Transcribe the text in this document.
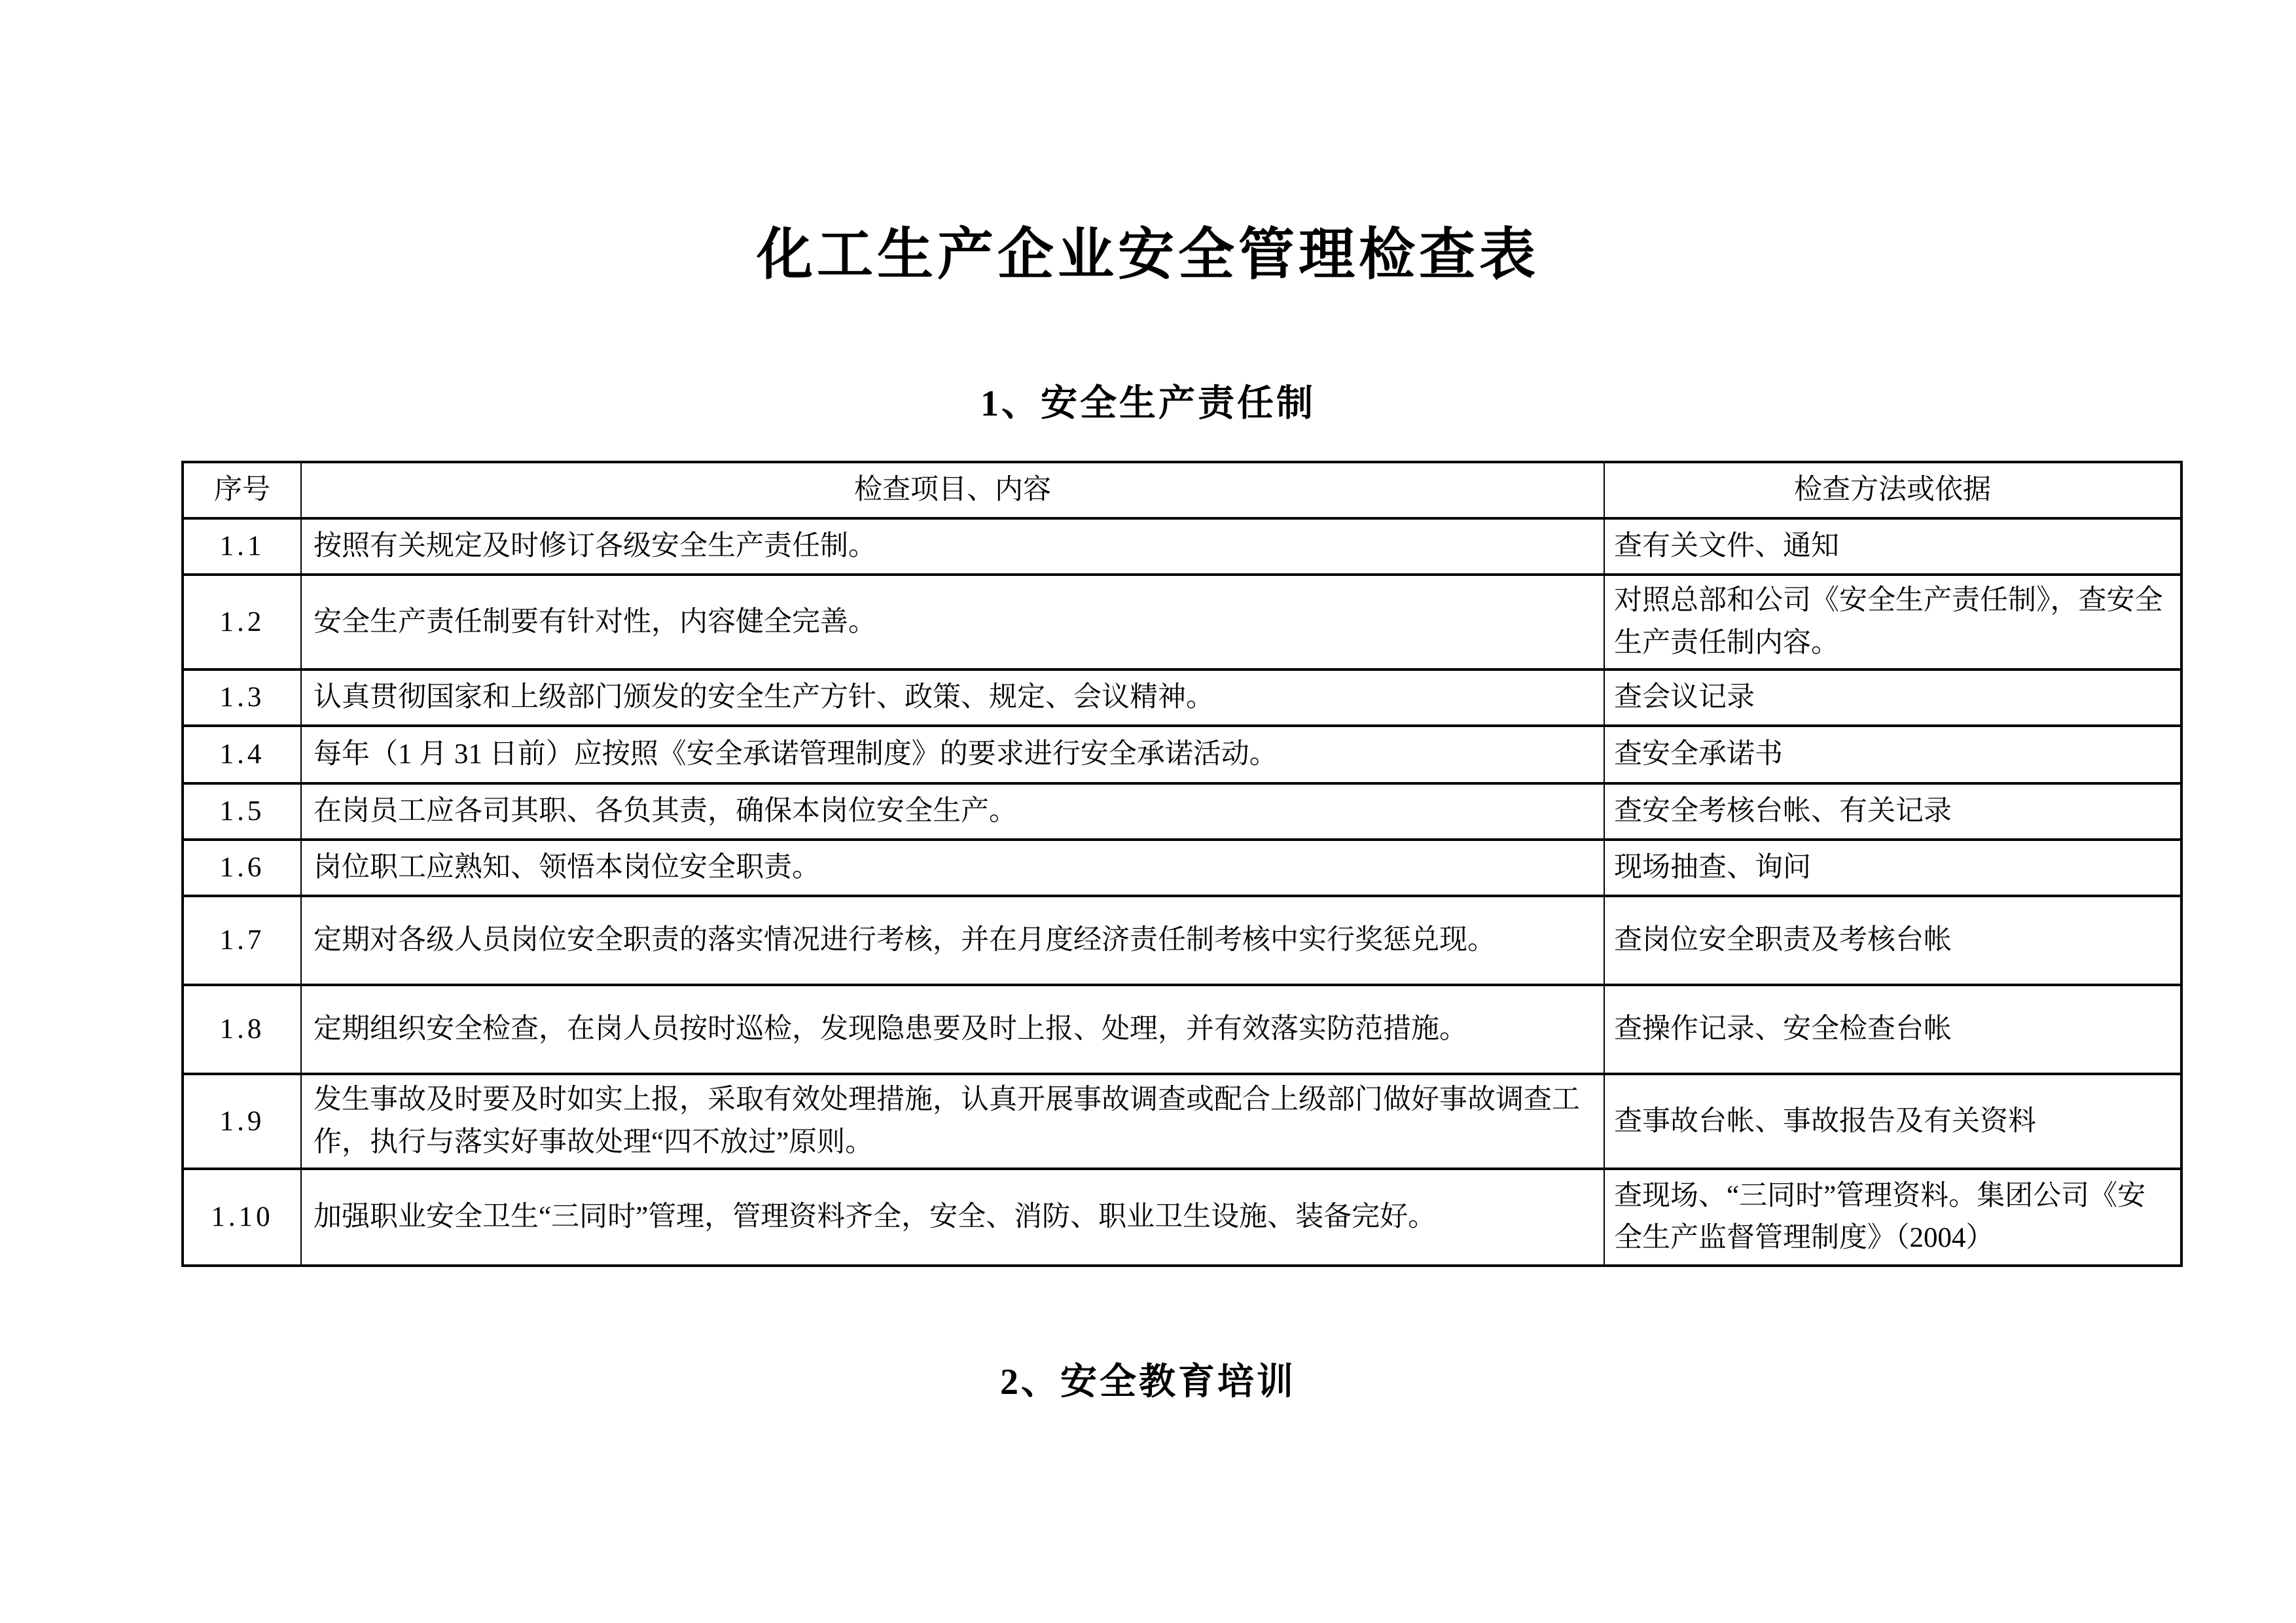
化工生产企业安全管理检查表
1、安全生产责任制
序号	检查项目、内容	检查方法或依据
1.1	按照有关规定及时修订各级安全生产责任制。	查有关文件、通知
1.2	安全生产责任制要有针对性，内容健全完善。	对照总部和公司《安全生产责任制》，查安全生产责任制内容。
1.3	认真贯彻国家和上级部门颁发的安全生产方针、政策、规定、会议精神。	查会议记录
1.4	每年（1 月 31 日前）应按照《安全承诺管理制度》的要求进行安全承诺活动。	查安全承诺书
1.5	在岗员工应各司其职、各负其责，确保本岗位安全生产。	查安全考核台帐、有关记录
1.6	岗位职工应熟知、领悟本岗位安全职责。	现场抽查、询问
1.7	定期对各级人员岗位安全职责的落实情况进行考核，并在月度经济责任制考核中实行奖惩兑现。	查岗位安全职责及考核台帐
1.8	定期组织安全检查，在岗人员按时巡检，发现隐患要及时上报、处理，并有效落实防范措施。	查操作记录、安全检查台帐
1.9	发生事故及时要及时如实上报，采取有效处理措施，认真开展事故调查或配合上级部门做好事故调查工作，执行与落实好事故处理“四不放过”原则。	查事故台帐、事故报告及有关资料
1.10	加强职业安全卫生“三同时”管理，管理资料齐全，安全、消防、职业卫生设施、装备完好。	查现场、“三同时”管理资料。集团公司《安全生产监督管理制度》（2004）
2、安全教育培训
